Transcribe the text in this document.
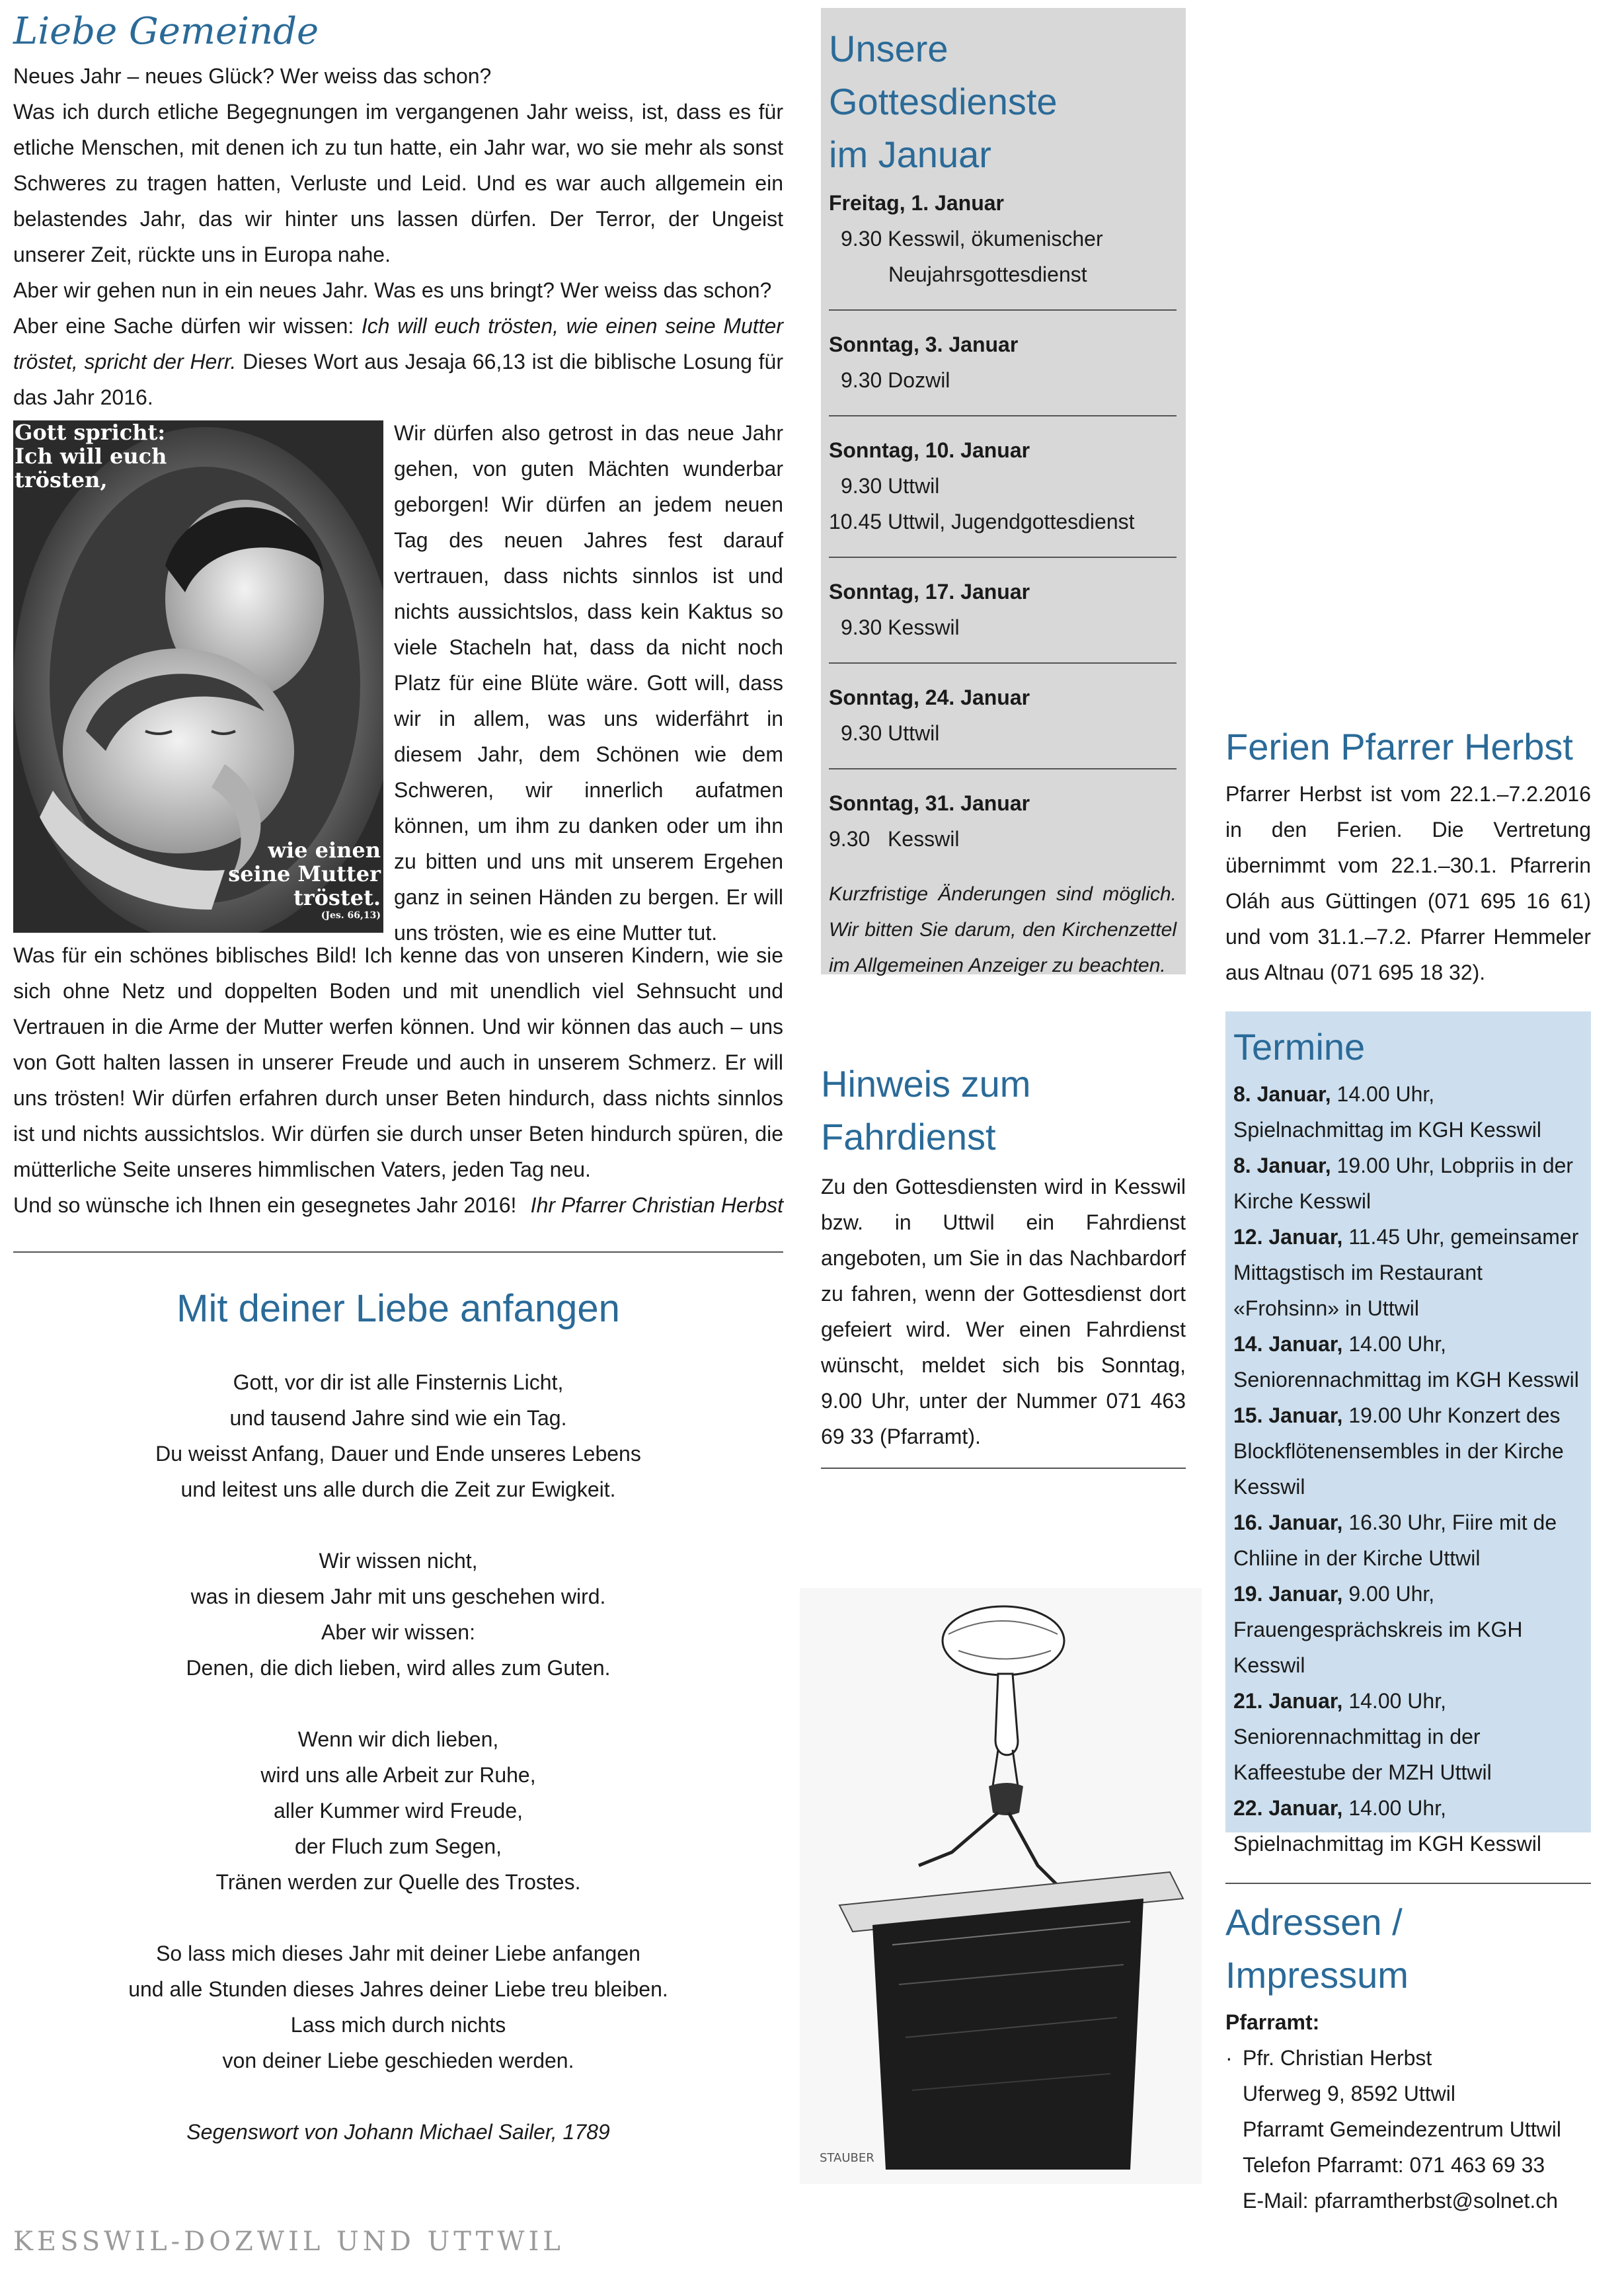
Liebe Gemeinde

Neues Jahr – neues Glück? Wer weiss das schon?

Was ich durch etliche Begegnungen im vergangenen Jahr weiss, ist, dass es für etliche Menschen, mit denen ich zu tun hatte, ein Jahr war, wo sie mehr als sonst Schweres zu tragen hatten, Verluste und Leid. Und es war auch allgemein ein belastendes Jahr, das wir hinter uns lassen dürfen. Der Terror, der Ungeist unserer Zeit, rückte uns in Europa nahe.

Aber wir gehen nun in ein neues Jahr. Was es uns bringt? Wer weiss das schon?

Aber eine Sache dürfen wir wissen: Ich will euch trösten, wie einen seine Mutter tröstet, spricht der Herr. Dieses Wort aus Jesaja 66,13 ist die biblische Losung für das Jahr 2016.

Gott spricht:
Ich will euch
trösten,
wie einen
seine Mutter
tröstet.
(Jes. 66,13)

Wir dürfen also getrost in das neue Jahr gehen, von guten Mächten wunderbar geborgen! Wir dürfen an jedem neuen Tag des neuen Jahres fest darauf vertrauen, dass nichts sinnlos ist und nichts aussichtslos, dass kein Kaktus so viele Stacheln hat, dass da nicht noch Platz für eine Blüte wäre. Gott will, dass wir in allem, was uns widerfährt in diesem Jahr, dem Schönen wie dem Schweren, wir innerlich aufatmen können, um ihm zu danken oder um ihn zu bitten und uns mit unserem Ergehen ganz in seinen Händen zu bergen. Er will uns trösten, wie es eine Mutter tut.

Was für ein schönes biblisches Bild! Ich kenne das von unseren Kindern, wie sie sich ohne Netz und doppelten Boden und mit unendlich viel Sehnsucht und Vertrauen in die Arme der Mutter werfen können. Und wir können das auch – uns von Gott halten lassen in unserer Freude und auch in unserem Schmerz. Er will uns trösten! Wir dürfen erfahren durch unser Beten hindurch, dass nichts sinnlos ist und nichts aussichtslos. Wir dürfen sie durch unser Beten hindurch spüren, die mütterliche Seite unseres himmlischen Vaters, jeden Tag neu.

Und so wünsche ich Ihnen ein gesegnetes Jahr 2016! Ihr Pfarrer Christian Herbst

Mit deiner Liebe anfangen
Gott, vor dir ist alle Finsternis Licht,
und tausend Jahre sind wie ein Tag.
Du weisst Anfang, Dauer und Ende unseres Lebens
und leitest uns alle durch die Zeit zur Ewigkeit.
Wir wissen nicht,
was in diesem Jahr mit uns geschehen wird.
Aber wir wissen:
Denen, die dich lieben, wird alles zum Guten.
Wenn wir dich lieben,
wird uns alle Arbeit zur Ruhe,
aller Kummer wird Freude,
der Fluch zum Segen,
Tränen werden zur Quelle des Trostes.
So lass mich dieses Jahr mit deiner Liebe anfangen
und alle Stunden dieses Jahres deiner Liebe treu bleiben.
Lass mich durch nichts
von deiner Liebe geschieden werden.

Segenswort von Johann Michael Sailer, 1789

KESSWIL-DOZWIL UND UTTWIL
Unsere Gottesdienste
im Januar
Freitag, 1. Januar
9.30 Kesswil, ökumenischer
Neujahrsgottesdienst
Sonntag, 3. Januar
9.30 Dozwil
Sonntag, 10. Januar
9.30 Uttwil
10.45 Uttwil, Jugendgottesdienst
Sonntag, 17. Januar
9.30 Kesswil
Sonntag, 24. Januar
9.30 Uttwil
Sonntag, 31. Januar
9.30   Kesswil

Kurzfristige Änderungen sind möglich. Wir bitten Sie darum, den Kirchenzettel im Allgemeinen Anzeiger zu beachten.

Hinweis zum
Fahrdienst

Zu den Gottesdiensten wird in Kesswil bzw. in Uttwil ein Fahrdienst angeboten, um Sie in das Nachbardorf zu fahren, wenn der Gottesdienst dort gefeiert wird. Wer einen Fahrdienst wünscht, meldet sich bis Sonntag, 9.00 Uhr, unter der Nummer 071 463 69 33 (Pfarramt).

STAUBER
Ferien Pfarrer Herbst

Pfarrer Herbst ist vom 22.1.–7.2.2016 in den Ferien. Die Vertretung übernimmt vom 22.1.–30.1. Pfarrerin Oláh aus Güttingen (071 695 16 61) und vom 31.1.–7.2. Pfarrer Hemmeler aus Altnau (071 695 18 32).

Termine
8. Januar, 14.00 Uhr, Spielnachmittag im KGH Kesswil
8. Januar, 19.00 Uhr, Lobpriis in der Kirche Kesswil
12. Januar, 11.45 Uhr, gemeinsamer Mittagstisch im Restaurant «Frohsinn» in Uttwil
14. Januar, 14.00 Uhr, Seniorennachmittag im KGH Kesswil
15. Januar, 19.00 Uhr Konzert des Blockflötenensembles in der Kirche Kesswil
16. Januar, 16.30 Uhr, Fiire mit de Chliine in der Kirche Uttwil
19. Januar, 9.00 Uhr, Frauengesprächskreis im KGH Kesswil
21. Januar, 14.00 Uhr, Seniorennachmittag in der Kaffeestube der MZH Uttwil
22. Januar, 14.00 Uhr, Spielnachmittag im KGH Kesswil
Adressen / Impressum
Pfarramt:
· Pfr. Christian Herbst
Uferweg 9, 8592 Uttwil
Pfarramt Gemeindezentrum Uttwil
Telefon Pfarramt: 071 463 69 33
E-Mail: pfarramtherbst@solnet.ch
